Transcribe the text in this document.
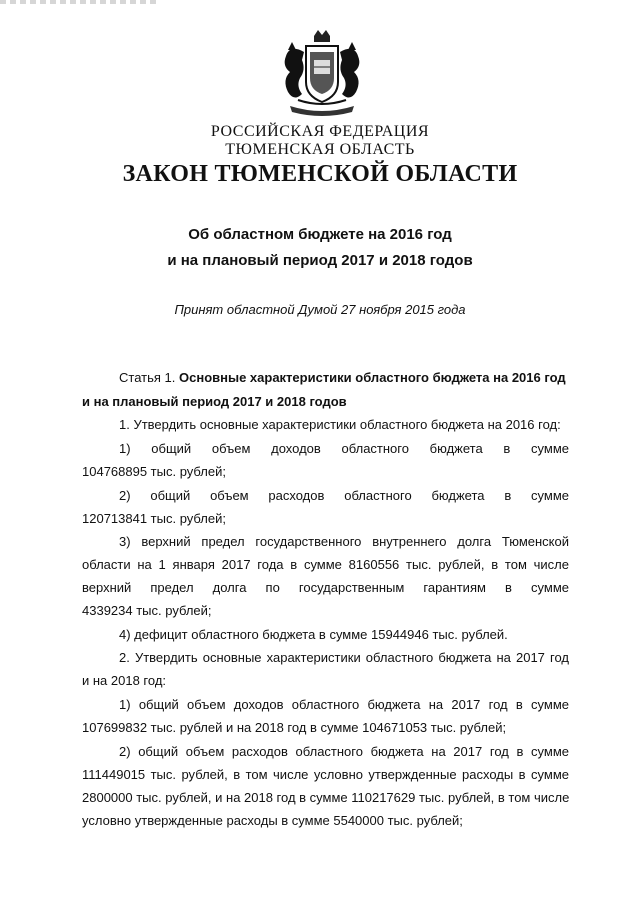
РОССИЙСКАЯ ФЕДЕРАЦИЯ

ТЮМЕНСКАЯ ОБЛАСТЬ

ЗАКОН ТЮМЕНСКОЙ ОБЛАСТИ

Об областном бюджете на 2016 год

и на плановый период 2017 и 2018 годов

Принят областной Думой 27 ноября 2015 года

Статья 1. Основные характеристики областного бюджета на 2016 год

и на плановый период 2017 и 2018 годов

1. Утвердить основные характеристики областного бюджета на 2016 год:

1) общий объем доходов областного бюджета в сумме

104768895 тыс. рублей;

2) общий объем расходов областного бюджета в сумме

120713841 тыс. рублей;

3) верхний предел государственного внутреннего долга Тюменской

области на 1 января 2017 года в сумме 8160556 тыс. рублей, в том числе

верхний предел долга по государственным гарантиям в сумме

4339234 тыс. рублей;

4) дефицит областного бюджета в сумме 15944946 тыс. рублей.

2. Утвердить основные характеристики областного бюджета на 2017 год

и на 2018 год:

1) общий объем доходов областного бюджета на 2017 год в сумме

107699832 тыс. рублей и на 2018 год в сумме 104671053 тыс. рублей;

2) общий объем расходов областного бюджета на 2017 год в сумме

111449015 тыс. рублей, в том числе условно утвержденные расходы в сумме

2800000 тыс. рублей, и на 2018 год в сумме 110217629 тыс. рублей, в том числе

условно утвержденные расходы в сумме 5540000 тыс. рублей;
